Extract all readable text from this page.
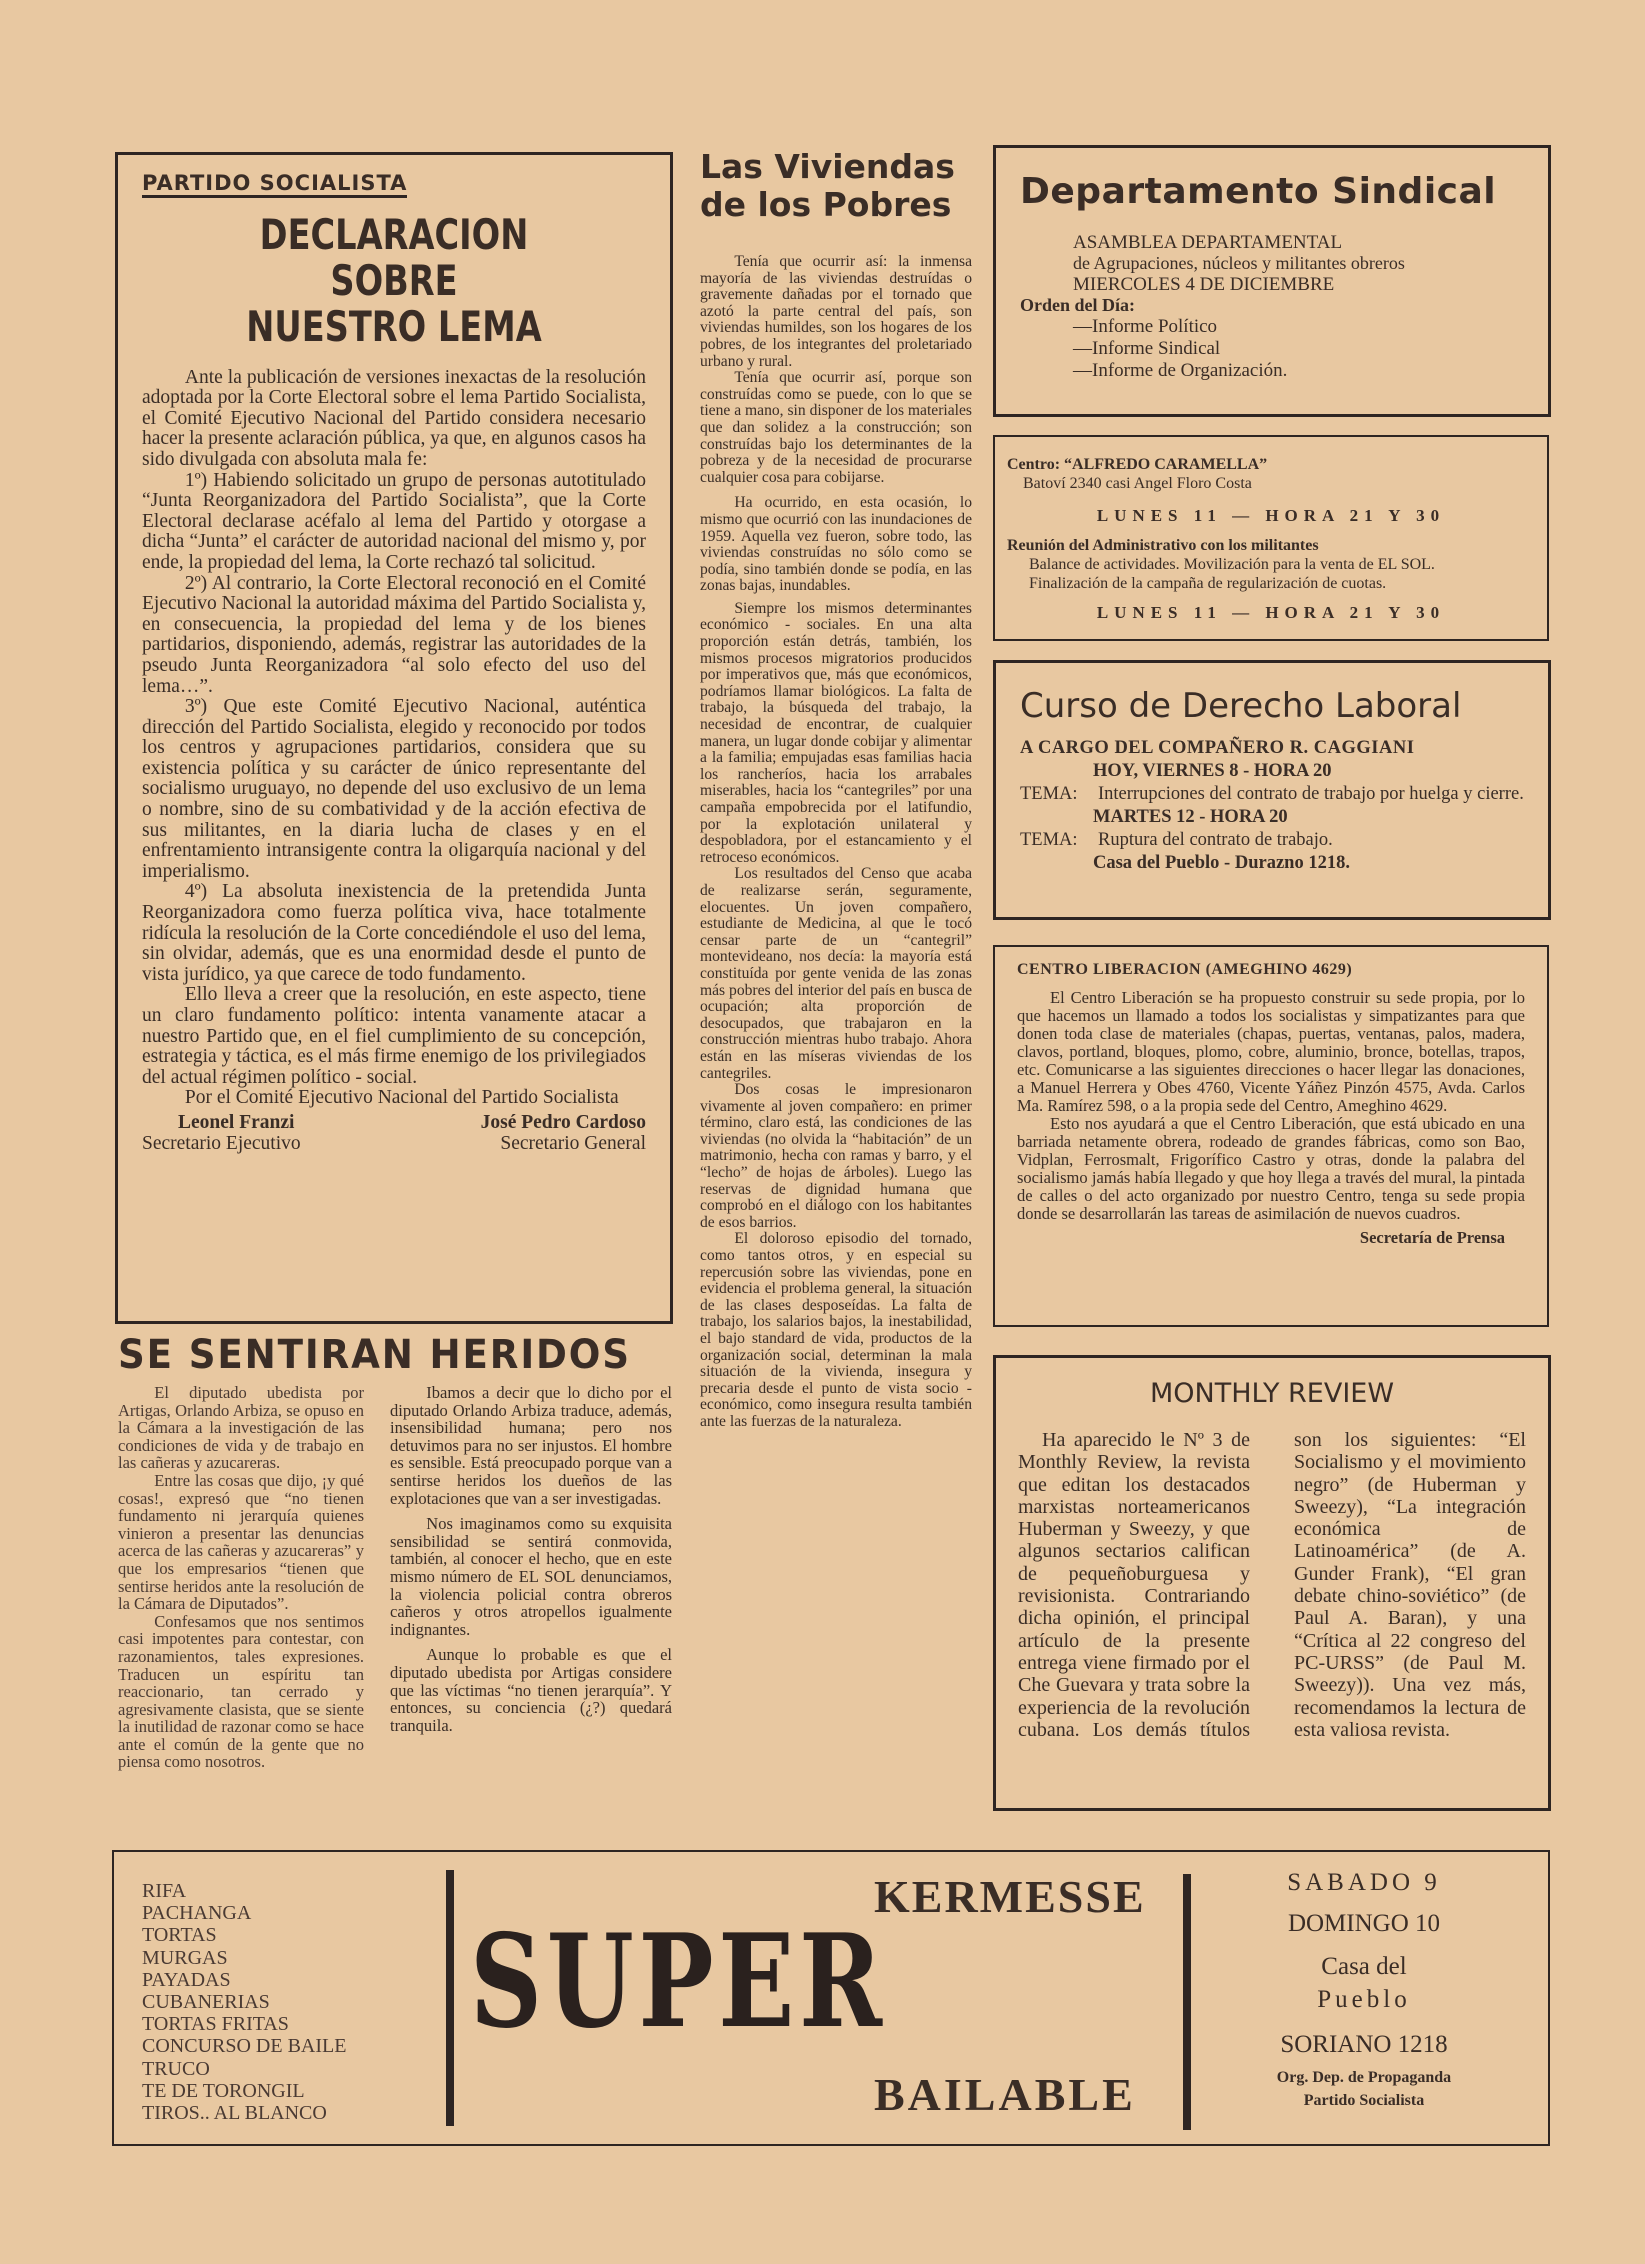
PARTIDO SOCIALISTA
DECLARACION SOBRE
NUESTRO LEMA

Ante la publicación de versiones inexactas de la resolución adoptada por la Corte Electoral sobre el lema Partido Socialista, el Comité Ejecutivo Nacional del Partido considera necesario hacer la presente aclaración pública, ya que, en algunos casos ha sido divulgada con absoluta mala fe:

1º) Habiendo solicitado un grupo de personas autotitulado “Junta Reorganizadora del Partido Socialista”, que la Corte Electoral declarase acéfalo al lema del Partido y otorgase a dicha “Junta” el carácter de autoridad nacional del mismo y, por ende, la propiedad del lema, la Corte rechazó tal solicitud.

2º) Al contrario, la Corte Electoral reconoció en el Comité Ejecutivo Nacional la autoridad máxima del Partido Socialista y, en consecuencia, la propiedad del lema y de los bienes partidarios, disponiendo, además, registrar las autoridades de la pseudo Junta Reorganizadora “al solo efecto del uso del lema…”.

3º) Que este Comité Ejecutivo Nacional, auténtica dirección del Partido Socialista, elegido y reconocido por todos los centros y agrupaciones partidarios, considera que su existencia política y su carácter de único representante del socialismo uruguayo, no depende del uso exclusivo de un lema o nombre, sino de su combatividad y de la acción efectiva de sus militantes, en la diaria lucha de clases y en el enfrentamiento intransigente contra la oligarquía nacional y del imperialismo.

4º) La absoluta inexistencia de la pretendida Junta Reorganizadora como fuerza política viva, hace totalmente ridícula la resolución de la Corte concediéndole el uso del lema, sin olvidar, además, que es una enormidad desde el punto de vista jurídico, ya que carece de todo fundamento.

Ello lleva a creer que la resolución, en este aspecto, tiene un claro fundamento político: intenta vanamente atacar a nuestro Partido que, en el fiel cumplimiento de su concepción, estrategia y táctica, es el más firme enemigo de los privilegiados del actual régimen político - social.

Por el Comité Ejecutivo Nacional del Partido Socialista

Leonel Franzi
Secretario Ejecutivo
José Pedro Cardoso
Secretario General
SE SENTIRAN HERIDOS

El diputado ubedista por Artigas, Orlando Arbiza, se opuso en la Cámara a la investigación de las condiciones de vida y de trabajo en las cañeras y azucareras.

Entre las cosas que dijo, ¡y qué cosas!, expresó que “no tienen fundamento ni jerarquía quienes vinieron a presentar las denuncias acerca de las cañeras y azucareras” y que los empresarios “tienen que sentirse heridos ante la resolución de la Cámara de Diputados”.

Confesamos que nos sentimos casi impotentes para contestar, con razonamientos, tales expresiones. Traducen un espíritu tan reaccionario, tan cerrado y agresivamente clasista, que se siente la inutilidad de razonar como se hace ante el común de la gente que no piensa como nosotros.

Ibamos a decir que lo dicho por el diputado Orlando Arbiza traduce, además, insensibilidad humana; pero nos detuvimos para no ser injustos. El hombre es sensible. Está preocupado porque van a sentirse heridos los dueños de las explotaciones que van a ser investigadas.

Nos imaginamos como su exquisita sensibilidad se sentirá conmovida, también, al conocer el hecho, que en este mismo número de EL SOL denunciamos, la violencia policial contra obreros cañeros y otros atropellos igualmente indignantes.

Aunque lo probable es que el diputado ubedista por Artigas considere que las víctimas “no tienen jerarquía”. Y entonces, su conciencia (¿?) quedará tranquila.

Las Viviendas
de los Pobres

Tenía que ocurrir así: la inmensa mayoría de las viviendas destruídas o gravemente dañadas por el tornado que azotó la parte central del país, son viviendas humildes, son los hogares de los pobres, de los integrantes del proletariado urbano y rural.

Tenía que ocurrir así, porque son construídas como se puede, con lo que se tiene a mano, sin disponer de los materiales que dan solidez a la construcción; son construídas bajo los determinantes de la pobreza y de la necesidad de procurarse cualquier cosa para cobijarse.

Ha ocurrido, en esta ocasión, lo mismo que ocurrió con las inundaciones de 1959. Aquella vez fueron, sobre todo, las viviendas construídas no sólo como se podía, sino también donde se podía, en las zonas bajas, inundables.

Siempre los mismos determinantes económico - sociales. En una alta proporción están detrás, también, los mismos procesos migratorios producidos por imperativos que, más que económicos, podríamos llamar biológicos. La falta de trabajo, la búsqueda del trabajo, la necesidad de encontrar, de cualquier manera, un lugar donde cobijar y alimentar a la familia; empujadas esas familias hacia los rancheríos, hacia los arrabales miserables, hacia los “cantegriles” por una campaña empobrecida por el latifundio, por la explotación unilateral y despobladora, por el estancamiento y el retroceso económicos.

Los resultados del Censo que acaba de realizarse serán, seguramente, elocuentes. Un joven compañero, estudiante de Medicina, al que le tocó censar parte de un “cantegril” montevideano, nos decía: la mayoría está constituída por gente venida de las zonas más pobres del interior del país en busca de ocupación; alta proporción de desocupados, que trabajaron en la construcción mientras hubo trabajo. Ahora están en las míseras viviendas de los cantegriles.

Dos cosas le impresionaron vivamente al joven compañero: en primer término, claro está, las condiciones de las viviendas (no olvida la “habitación” de un matrimonio, hecha con ramas y barro, y el “lecho” de hojas de árboles). Luego las reservas de dignidad humana que comprobó en el diálogo con los habitantes de esos barrios.

El doloroso episodio del tornado, como tantos otros, y en especial su repercusión sobre las viviendas, pone en evidencia el problema general, la situación de las clases desposeídas. La falta de trabajo, los salarios bajos, la inestabilidad, el bajo standard de vida, productos de la organización social, determinan la mala situación de la vivienda, insegura y precaria desde el punto de vista socio - económico, como insegura resulta también ante las fuerzas de la naturaleza.

Departamento Sindical
ASAMBLEA DEPARTAMENTAL
de Agrupaciones, núcleos y militantes obreros
MIERCOLES 4 DE DICIEMBRE
Orden del Día:
—Informe Político
—Informe Sindical
—Informe de Organización.
Centro: “ALFREDO CARAMELLA”
Batoví 2340 casi Angel Floro Costa
LUNES 11 — HORA 21 Y 30
Reunión del Administrativo con los militantes
Balance de actividades. Movilización para la venta de EL SOL.
Finalización de la campaña de regularización de cuotas.
LUNES 11 — HORA 21 Y 30
Curso de Derecho Laboral
A CARGO DEL COMPAÑERO R. CAGGIANI
HOY, VIERNES 8 - HORA 20
TEMA:	Interrupciones del contrato de trabajo por huelga y cierre.
MARTES 12 - HORA 20
TEMA:	Ruptura del contrato de trabajo.
Casa del Pueblo - Durazno 1218.
CENTRO LIBERACION (AMEGHINO 4629)

El Centro Liberación se ha propuesto construir su sede propia, por lo que hacemos un llamado a todos los socialistas y simpatizantes para que donen toda clase de materiales (chapas, puertas, ventanas, palos, madera, clavos, portland, bloques, plomo, cobre, aluminio, bronce, botellas, trapos, etc. Comunicarse a las siguientes direcciones o hacer llegar las donaciones, a Manuel Herrera y Obes 4760, Vicente Yáñez Pinzón 4575, Avda. Carlos Ma. Ramírez 598, o a la propia sede del Centro, Ameghino 4629.

Esto nos ayudará a que el Centro Liberación, que está ubicado en una barriada netamente obrera, rodeado de grandes fábricas, como son Bao, Vidplan, Ferrosmalt, Frigorífico Castro y otras, donde la palabra del socialismo jamás había llegado y que hoy llega a través del mural, la pintada de calles o del acto organizado por nuestro Centro, tenga su sede propia donde se desarrollarán las tareas de asimilación de nuevos cuadros.

Secretaría de Prensa
MONTHLY REVIEW

Ha aparecido le Nº 3 de Monthly Review, la revista que editan los destacados marxistas norteamericanos Huberman y Sweezy, y que algunos sectarios califican de pequeñoburguesa y revisionista. Contrariando dicha opinión, el principal artículo de la presente entrega viene firmado por el Che Guevara y trata sobre la experiencia de la revolución cubana. Los demás títulos son los siguientes: “El Socialismo y el movimiento negro” (de Huberman y Sweezy), “La integración económica de Latinoamérica” (de A. Gunder Frank), “El gran debate chino-soviético” (de Paul A. Baran), y una “Crítica al 22 congreso del PC-URSS” (de Paul M. Sweezy)). Una vez más, recomendamos la lectura de esta valiosa revista.

RIFA
PACHANGA
TORTAS
MURGAS
PAYADAS
CUBANERIAS
TORTAS FRITAS
CONCURSO DE BAILE
TRUCO
TE DE TORONGIL
TIROS.. AL BLANCO
SUPER
KERMESSE
BAILABLE
SABADO 9
DOMINGO 10
Casa del
Pueblo
SORIANO 1218
Org. Dep. de Propaganda
Partido Socialista
